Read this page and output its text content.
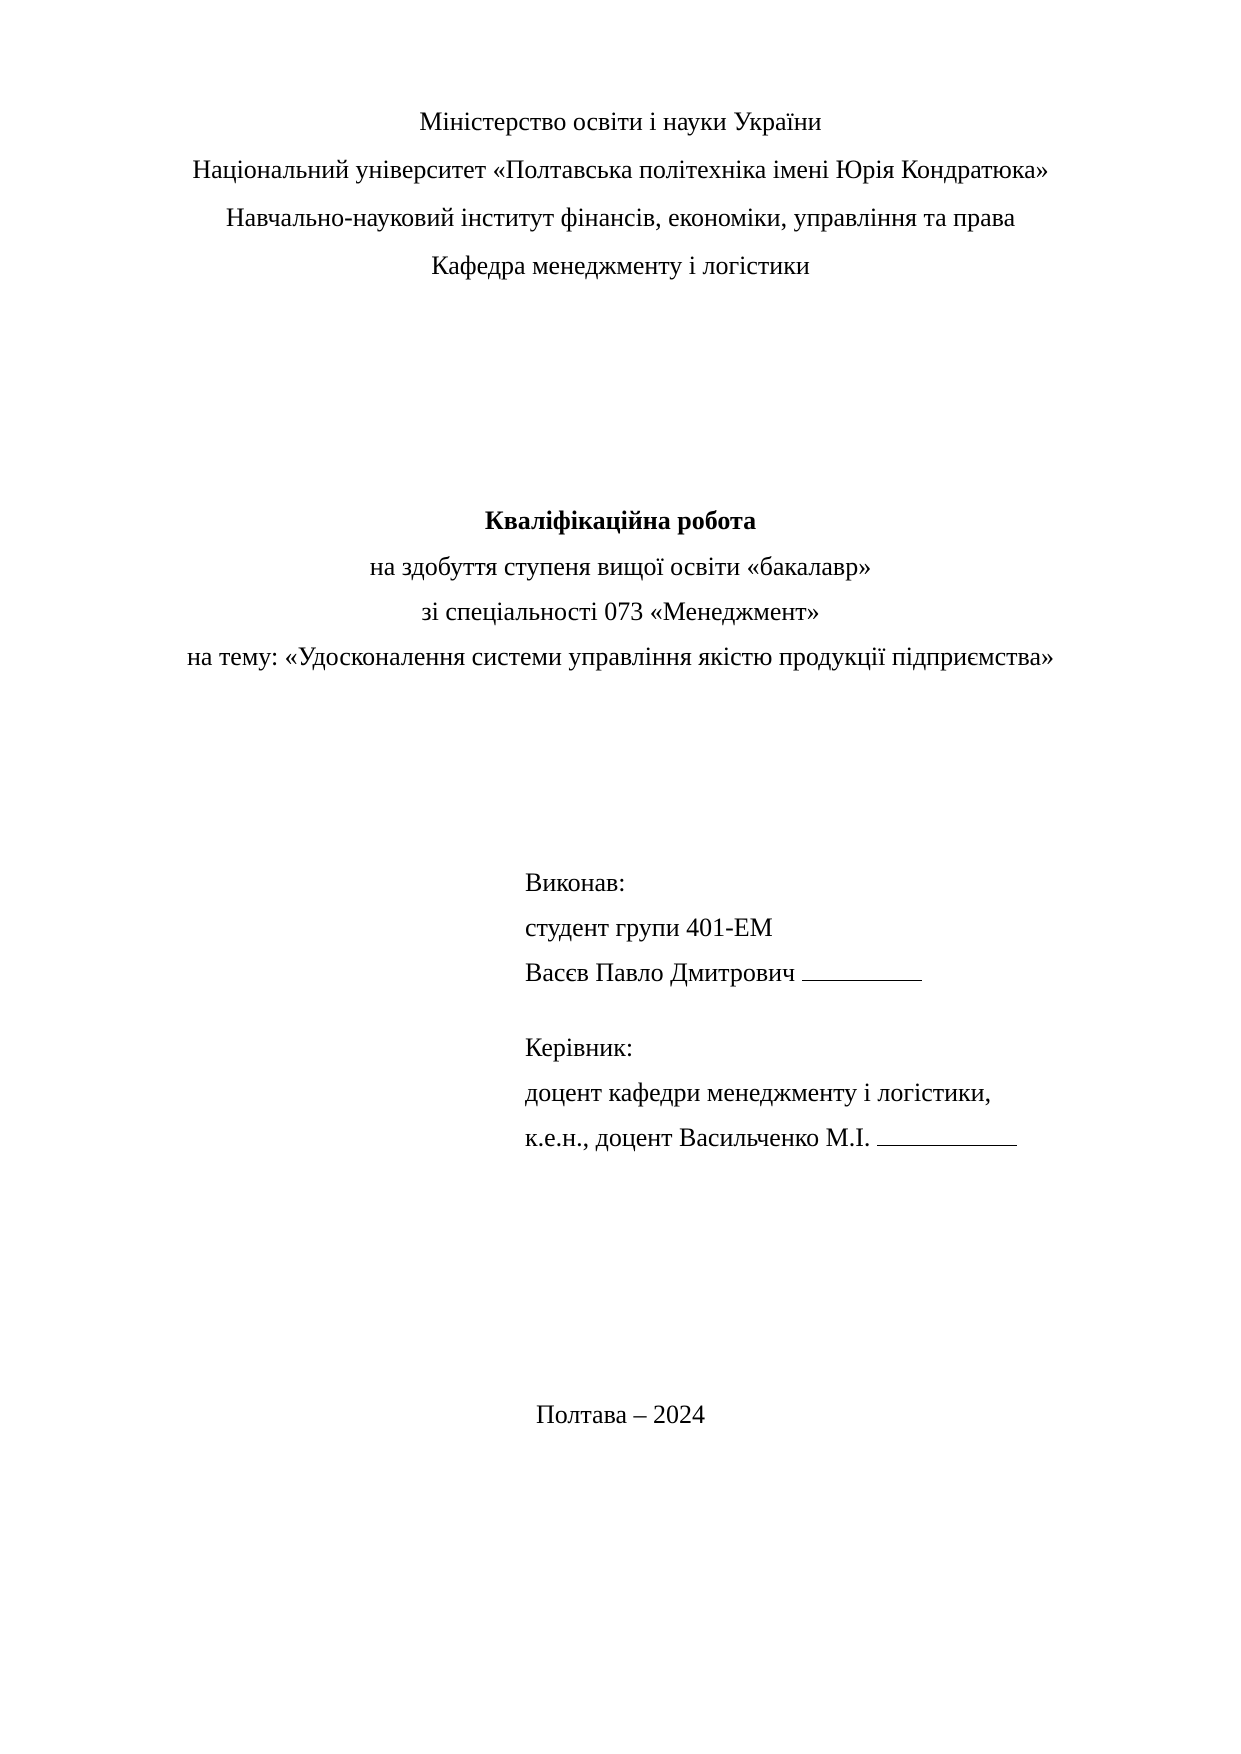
Міністерство освіти і науки України
Національний університет «Полтавська політехніка імені Юрія Кондратюка»
Навчально-науковий інститут фінансів, економіки, управління та права
Кафедра менеджменту і логістики
Кваліфікаційна робота
на здобуття ступеня вищої освіти «бакалавр»
зі спеціальності 073 «Менеджмент»
на тему: «Удосконалення системи управління якістю продукції підприємства»
Виконав:
студент групи 401-ЕМ
Васєв Павло Дмитрович
Керівник:
доцент кафедри менеджменту і логістики,
к.е.н., доцент Васильченко М.І.
Полтава – 2024
